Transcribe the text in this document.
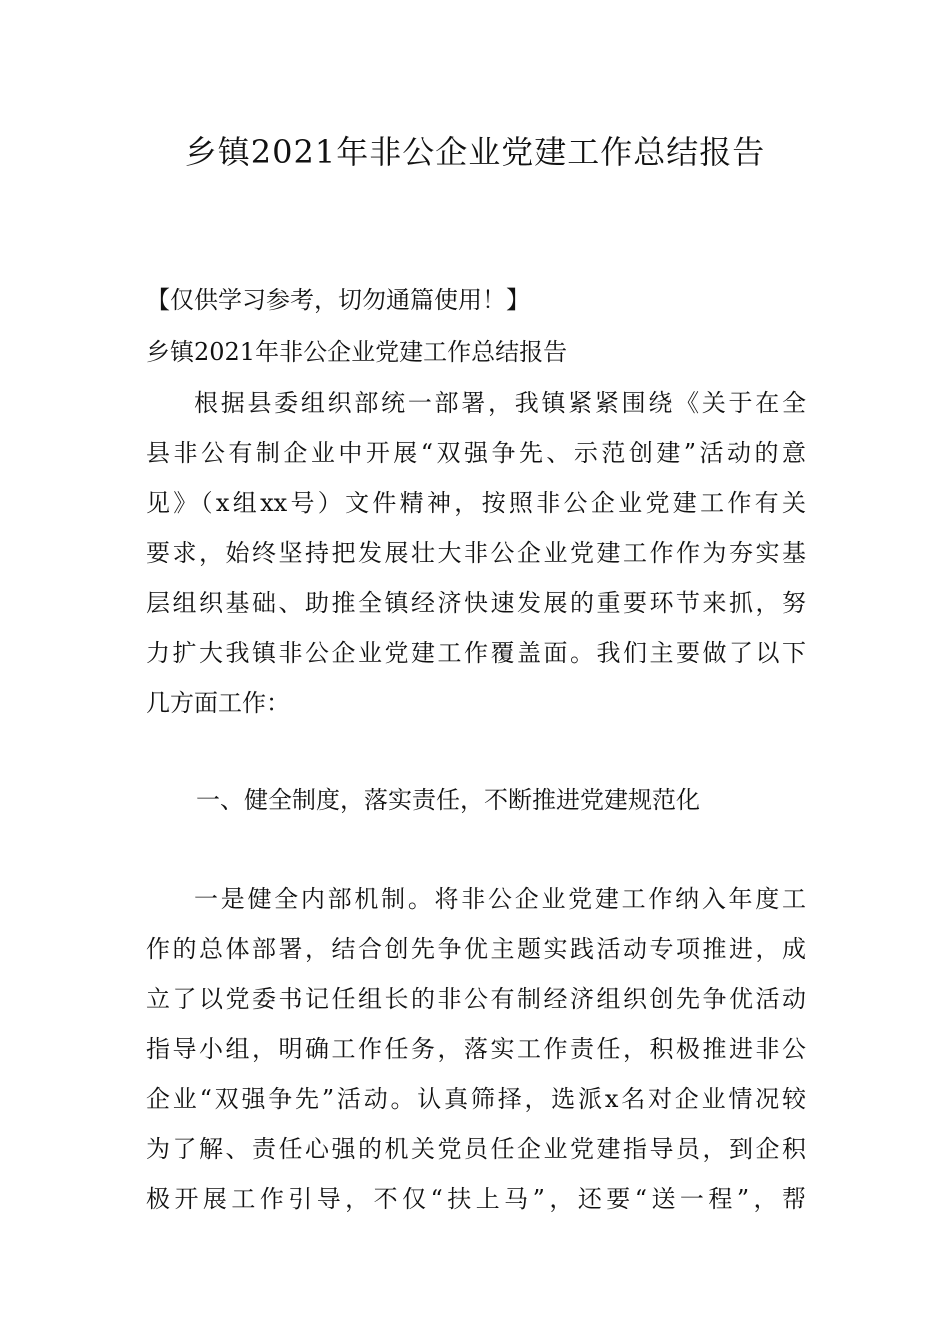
乡镇2021年非公企业党建工作总结报告

【仅供学习参考，切勿通篇使用！】

乡镇2021年非公企业党建工作总结报告

根据县委组织部统一部署，我镇紧紧围绕《关于在全

县非公有制企业中开展“双强争先、示范创建”活动的意

见》（x组xx号）文件精神，按照非公企业党建工作有关

要求，始终坚持把发展壮大非公企业党建工作作为夯实基

层组织基础、助推全镇经济快速发展的重要环节来抓，努

力扩大我镇非公企业党建工作覆盖面。我们主要做了以下

几方面工作：

一、健全制度，落实责任，不断推进党建规范化

一是健全内部机制。将非公企业党建工作纳入年度工

作的总体部署，结合创先争优主题实践活动专项推进，成

立了以党委书记任组长的非公有制经济组织创先争优活动

指导小组，明确工作任务，落实工作责任，积极推进非公

企业“双强争先”活动。认真筛择，选派x名对企业情况较

为了解、责任心强的机关党员任企业党建指导员，到企积

极开展工作引导，不仅“扶上马”，还要“送一程”，帮
